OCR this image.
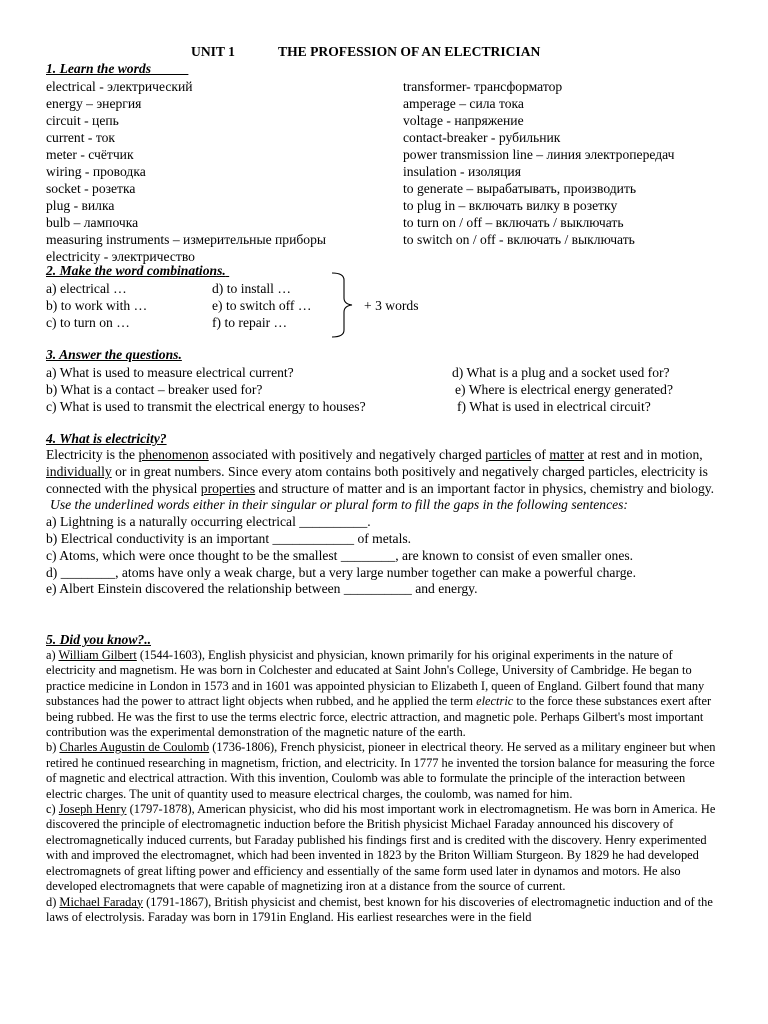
UNIT 1	THE PROFESSION OF AN ELECTRICIAN
1. Learn the words
electrical - электрический
energy – энергия
circuit - цепь
current - ток
meter - счётчик
wiring - проводка
socket - розетка
plug - вилка
bulb – лампочка
measuring instruments – измерительные приборы
electricity - электричество
transformer- трансформатор
amperage – сила тока
voltage - напряжение
contact-breaker - рубильник
power transmission line – линия электропередач
insulation - изоляция
to generate – вырабатывать, производить
to plug in – включать вилку в розетку
to turn on / off – включать / выключать
to switch on / off - включать / выключать
2. Make the word combinations.
a) electrical …
b) to work with …
c) to turn on …
d) to install …
e) to switch off …
f) to repair …
+ 3 words
3. Answer the questions.
a) What is used to measure electrical current?
b) What is a contact – breaker used for?
c) What is used to transmit the electrical energy to houses?
d) What is a plug and a socket used for?
e) Where is electrical energy generated?
f) What is used in electrical circuit?
4. What is electricity?

Electricity is the phenomenon associated with positively and negatively charged particles of matter at rest and in motion, individually or in great numbers. Since every atom contains both positively and negatively charged particles, electricity is connected with the physical properties and structure of matter and is an important factor in physics, chemistry and biology.

Use the underlined words either in their singular or plural form to fill the gaps in the following sentences:

a) Lightning is a naturally occurring electrical __________.
b) Electrical conductivity is an important ____________ of metals.
c) Atoms, which were once thought to be the smallest ________, are known to consist of even smaller ones.
d) ________, atoms have only a weak charge, but a very large number together can make a powerful charge.
e) Albert Einstein discovered the relationship between __________ and energy.
5. Did you know?..
a) William Gilbert (1544-1603), English physicist and physician, known primarily for his original experiments in the nature of electricity and magnetism. He was born in Colchester and educated at Saint John's College, University of Cambridge. He began to practice medicine in London in 1573 and in 1601 was appointed physician to Elizabeth I, queen of England. Gilbert found that many substances had the power to attract light objects when rubbed, and he applied the term electric to the force these substances exert after being rubbed. He was the first to use the terms electric force, electric attraction, and magnetic pole. Perhaps Gilbert's most important contribution was the experimental demonstration of the magnetic nature of the earth.
b) Charles Augustin de Coulomb (1736-1806), French physicist, pioneer in electrical theory. He served as a military engineer but when retired he continued researching in magnetism, friction, and electricity. In 1777 he invented the torsion balance for measuring the force of magnetic and electrical attraction. With this invention, Coulomb was able to formulate the principle of the interaction between electric charges. The unit of quantity used to measure electrical charges, the coulomb, was named for him.
c) Joseph Henry (1797-1878), American physicist, who did his most important work in electromagnetism. He was born in America. He discovered the principle of electromagnetic induction before the British physicist Michael Faraday announced his discovery of electromagnetically induced currents, but Faraday published his findings first and is credited with the discovery. Henry experimented with and improved the electromagnet, which had been invented in 1823 by the Briton William Sturgeon. By 1829 he had developed electromagnets of great lifting power and efficiency and essentially of the same form used later in dynamos and motors. He also developed electromagnets that were capable of magnetizing iron at a distance from the source of current.
d) Michael Faraday (1791-1867), British physicist and chemist, best known for his discoveries of electromagnetic induction and of the laws of electrolysis. Faraday was born in 1791in England. His earliest researches were in the field
